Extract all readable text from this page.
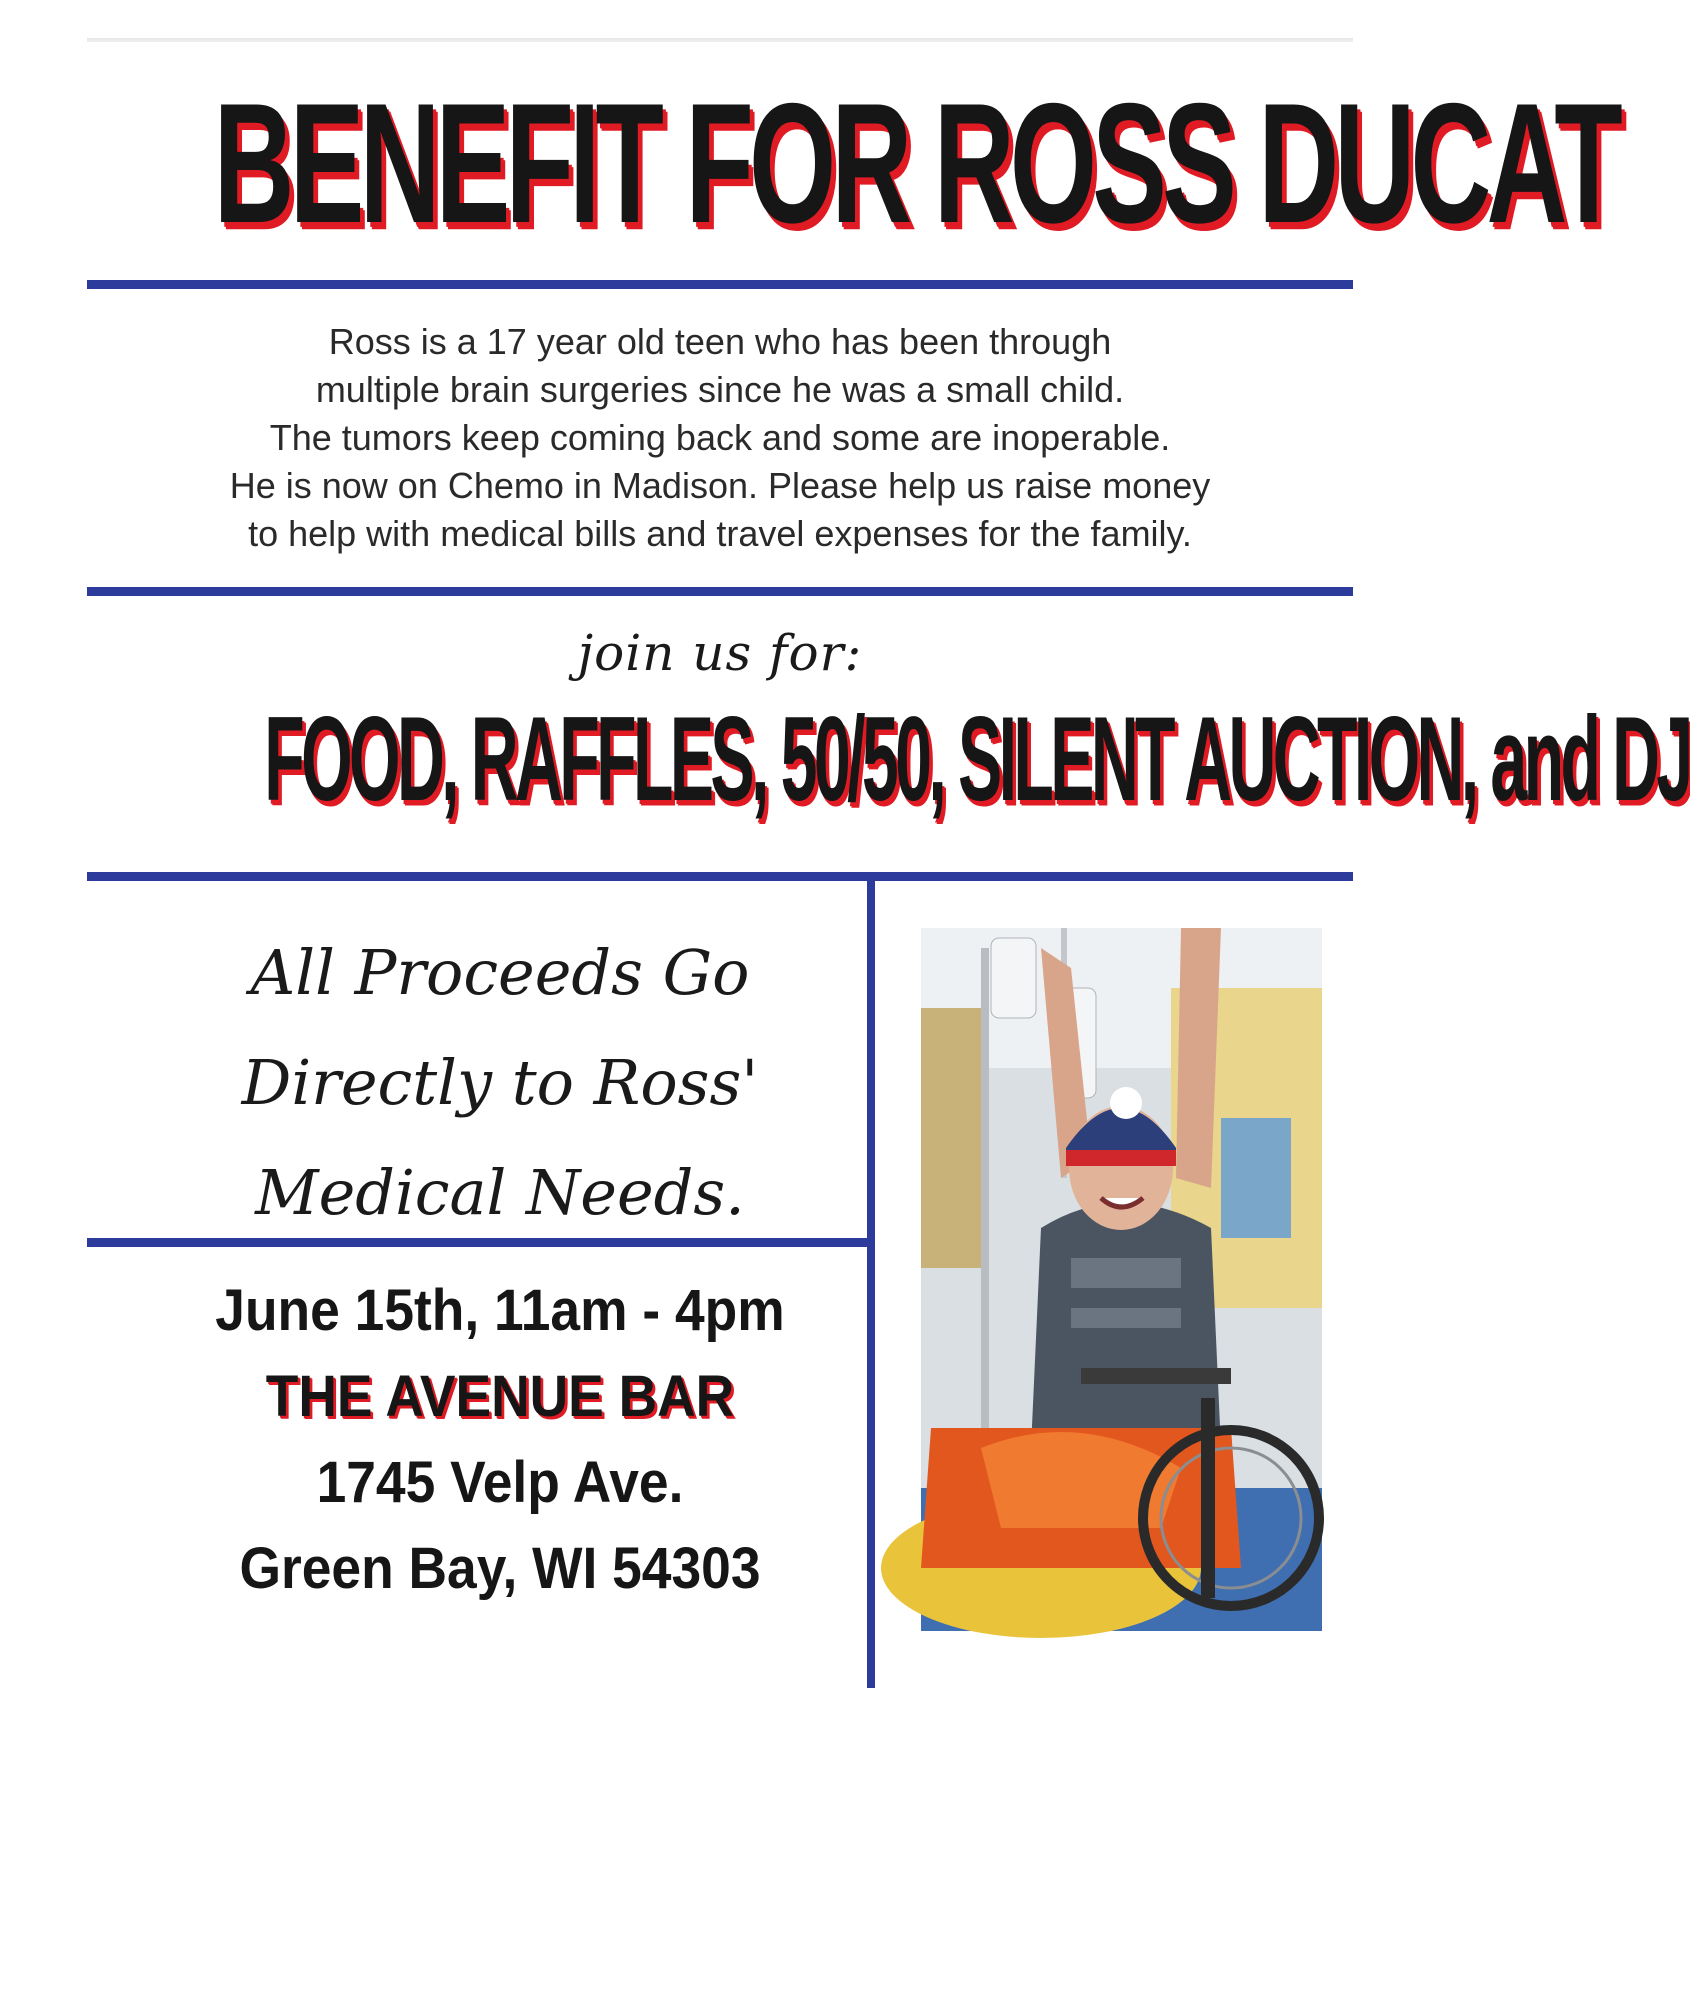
BENEFIT FOR ROSS DUCAT
Ross is a 17 year old teen who has been through
multiple brain surgeries since he was a small child.
The tumors keep coming back and some are inoperable.
He is now on Chemo in Madison. Please help us raise money
to help with medical bills and travel expenses for the family.
join us for:
FOOD, RAFFLES, 50/50, SILENT AUCTION, and DJ
All Proceeds Go
Directly to Ross'
Medical Needs.
June 15th, 11am - 4pm
THE AVENUE BAR
1745 Velp Ave.
Green Bay, WI 54303
